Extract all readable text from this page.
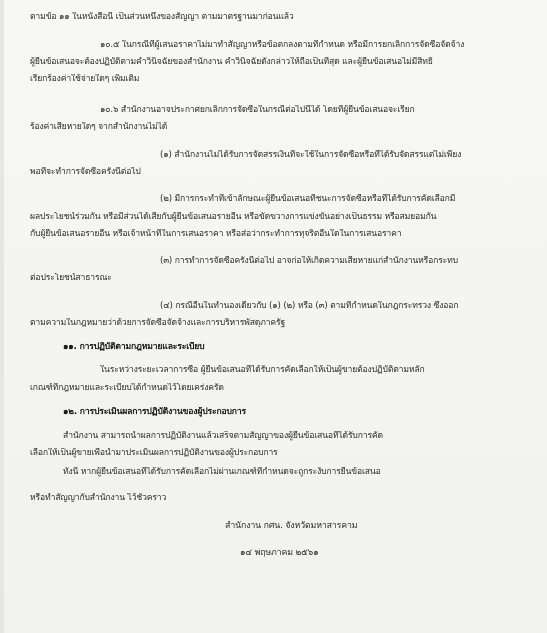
ตามข้อ ๑๑ ในหนังสือนี้ เป็นส่วนหนึ่งของสัญญา ตามมาตรฐานมาก่อนแล้ว
๑๐.๕ ในกรณีที่ผู้เสนอราคาไม่มาทำสัญญาหรือข้อตกลงตามที่กำหนด หรือมีการยกเลิกการจัดซื้อจัดจ้าง
ผู้ยื่นข้อเสนอจะต้องปฏิบัติตามคำวินิจฉัยของสำนักงาน คำวินิจฉัยดังกล่าวให้ถือเป็นที่สุด และผู้ยื่นข้อเสนอไม่มีสิทธิ
เรียกร้องค่าใช้จ่ายใดๆ เพิ่มเติม
๑๐.๖ สำนักงานอาจประกาศยกเลิกการจัดซื้อในกรณีต่อไปนี้ได้ โดยที่ผู้ยื่นข้อเสนอจะเรียก
ร้องค่าเสียหายใดๆ จากสำนักงานไม่ได้
(๑) สำนักงานไม่ได้รับการจัดสรรเงินที่จะใช้ในการจัดซื้อหรือที่ได้รับจัดสรรแต่ไม่เพียง
พอที่จะทำการจัดซื้อครั้งนี้ต่อไป
(๒) มีการกระทำที่เข้าลักษณะผู้ยื่นข้อเสนอที่ชนะการจัดซื้อหรือที่ได้รับการคัดเลือกมี
ผลประโยชน์ร่วมกัน หรือมีส่วนได้เสียกับผู้ยื่นข้อเสนอรายอื่น หรือขัดขวางการแข่งขันอย่างเป็นธรรม หรือสมยอมกัน
กับผู้ยื่นข้อเสนอรายอื่น หรือเจ้าหน้าที่ในการเสนอราคา หรือส่อว่ากระทำการทุจริตอื่นใดในการเสนอราคา
(๓) การทำการจัดซื้อครั้งนี้ต่อไป อาจก่อให้เกิดความเสียหายแก่สำนักงานหรือกระทบ
ต่อประโยชน์สาธารณะ
(๔) กรณีอื่นในทำนองเดียวกับ (๑) (๒) หรือ (๓) ตามที่กำหนดในกฎกระทรวง ซึ่งออก
ตามความในกฎหมายว่าด้วยการจัดซื้อจัดจ้างและการบริหารพัสดุภาครัฐ
๑๑. การปฏิบัติตามกฎหมายและระเบียบ
ในระหว่างระยะเวลาการซื้อ ผู้ยื่นข้อเสนอที่ได้รับการคัดเลือกให้เป็นผู้ขายต้องปฏิบัติตามหลัก
เกณฑ์ที่กฎหมายและระเบียบได้กำหนดไว้โดยเคร่งครัด
๑๒. การประเมินผลการปฏิบัติงานของผู้ประกอบการ
สำนักงาน สามารถนำผลการปฏิบัติงานแล้วเสร็จตามสัญญาของผู้ยื่นข้อเสนอที่ได้รับการคัด
เลือกให้เป็นผู้ขายเพื่อนำมาประเมินผลการปฏิบัติงานของผู้ประกอบการ
ทั้งนี้ หากผู้ยื่นข้อเสนอที่ได้รับการคัดเลือกไม่ผ่านเกณฑ์ที่กำหนดจะถูกระงับการยื่นข้อเสนอ
หรือทำสัญญากับสำนักงาน ไว้ชั่วคราว
สำนักงาน กศน. จังหวัดมหาสารคาม
๑๔ พฤษภาคม ๒๕๖๑
